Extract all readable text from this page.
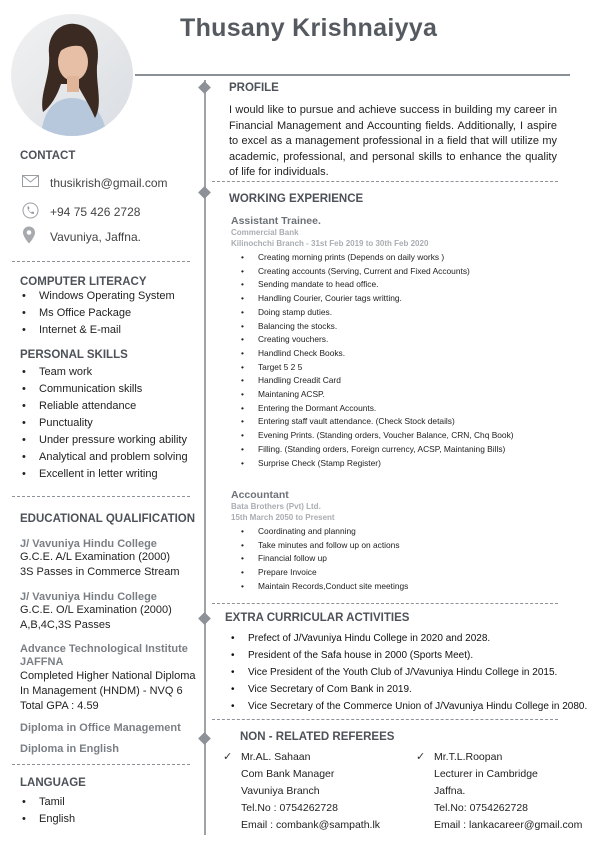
Thusany Krishnaiyya
CONTACT
thusikrish@gmail.com
+94 75 426 2728
Vavuniya, Jaffna.
COMPUTER LITERACY
• Windows Operating System
• Ms Office Package
• Internet & E-mail
PERSONAL SKILLS
• Team work
• Communication skills
• Reliable attendance
• Punctuality
• Under pressure working ability
• Analytical and problem solving
• Excellent in letter writing
EDUCATIONAL QUALIFICATION
J/ Vavuniya Hindu College
G.C.E. A/L Examination (2000)
3S Passes in Commerce Stream
J/ Vavuniya Hindu College
G.C.E. O/L Examination (2000)
A,B,4C,3S Passes
Advance Technological Institute JAFFNA
Completed Higher National Diploma In Management (HNDM) - NVQ 6
Total GPA : 4.59
Diploma in Office Management
Diploma in English
LANGUAGE
• Tamil
• English
PROFILE
I would like to pursue and achieve success in building my career in Financial Management and Accounting fields. Additionally, I aspire to excel as a management professional in a field that will utilize my academic, professional, and personal skills to enhance the quality of life for individuals.
WORKING EXPERIENCE
Assistant Trainee.
Commercial Bank
Kilinochchi Branch - 31st Feb 2019 to 30th Feb 2020
• Creating morning prints (Depends on daily works )
• Creating accounts (Serving, Current and Fixed Accounts)
• Sending mandate to head office.
• Handling Courier, Courier tags writting.
• Doing stamp duties.
• Balancing the stocks.
• Creating vouchers.
• Handlind Check Books.
• Target 5 2 5
• Handling Creadit Card
• Maintaning ACSP.
• Entering the Dormant Accounts.
• Entering staff vault attendance. (Check Stock details)
• Evening Prints. (Standing orders, Voucher Balance, CRN, Chq Book)
• Filling. (Standing orders, Foreign currency, ACSP, Maintaning Bills)
• Surprise Check (Stamp Register)
Accountant
Bata Brothers (Pvt) Ltd.
15th March 2050 to Present
• Coordinating and planning
• Take minutes and follow up on actions
• Financial follow up
• Prepare Invoice
• Maintain Records,Conduct site meetings
EXTRA CURRICULAR ACTIVITIES
• Prefect of J/Vavuniya Hindu College in 2020 and 2028.
• President of the Safa house in 2000 (Sports Meet).
• Vice President of the Youth Club of J/Vavuniya Hindu College in 2015.
• Vice Secretary of Com Bank in 2019.
• Vice Secretary of the Commerce Union of J/Vavuniya Hindu College in 2080.
NON - RELATED REFEREES
✓ Mr.AL. Sahaan
Com Bank Manager
Vavuniya Branch
Tel.No : 0754262728
Email : combank@sampath.lk
✓ Mr.T.L.Roopan
Lecturer in Cambridge
Jaffna.
Tel.No: 0754262728
Email : lankacareer@gmail.com
